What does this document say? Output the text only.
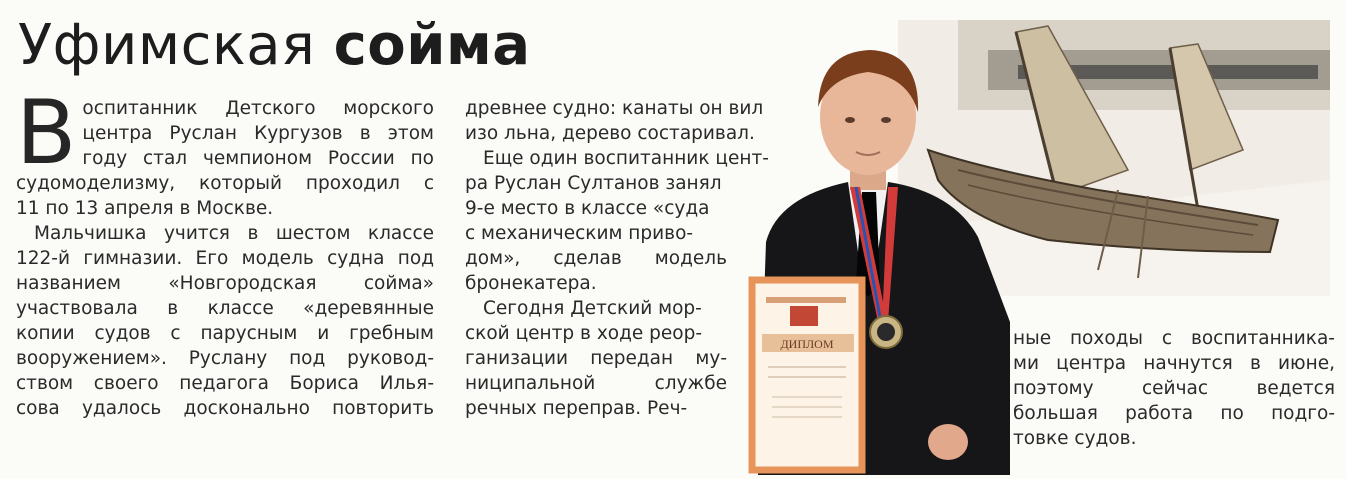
Уфимская сойма

В оспитанник Детского морского
центра Руслан Кургузов в этом
году стал чемпионом России по
судомоделизму, который проходил с
11 по 13 апреля в Москве.

Мальчишка учится в шестом классе
122-й гимназии. Его модель судна под
названием «Новгородская сойма»
участвовала в классе «деревянные
копии судов с парусным и гребным
вооружением». Руслану под руковод-
ством своего педагога Бориса Илья-
сова удалось досконально повторить

древнее судно: канаты он вил
изо льна, дерево состаривал.

Еще один воспитанник цент-
ра Руслан Султанов занял
9-е место в классе «суда
с механическим приво-
дом», сделав модель
бронекатера.

Сегодня Детский мор-
ской центр в ходе реор-
ганизации передан му-
ниципальной службе
речных переправ. Реч-

ДИПЛОМ	ные походы с воспитанника-
ми центра начнутся в июне,
поэтому сейчас ведется
большая работа по подго-
товке судов.
